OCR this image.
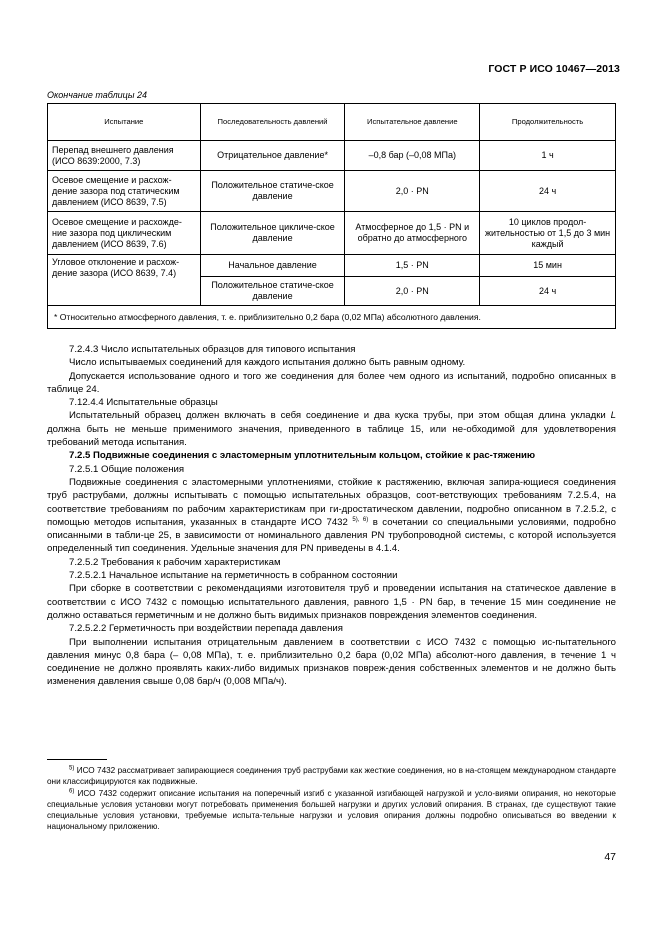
ГОСТ Р ИСО 10467—2013
Окончание таблицы 24
Испытание	Последовательность давлений	Испытательное давление	Продолжительность
Перепад внешнего давления (ИСО 8639:2000, 7.3)	Отрицательное давление*	–0,8 бар (–0,08 МПа)	1 ч
Осевое смещение и расхож-дение зазора под статическим давлением (ИСО 8639, 7.5)	Положительное статиче-ское давление	2,0 · PN	24 ч
Осевое смещение и расхожде-ние зазора под циклическим давлением (ИСО 8639, 7.6)	Положительное цикличе-ское давление	Атмосферное до 1,5 · PN и обратно до атмосферного	10 циклов продол-жительностью от 1,5 до 3 мин каждый
Угловое отклонение и расхож-дение зазора (ИСО 8639, 7.4)	Начальное давление	1,5 · PN	15 мин
	Положительное статиче-ское давление	2,0 · PN	24 ч
* Относительно атмосферного давления, т. е. приблизительно 0,2 бара (0,02 МПа) абсолютного давления.			

7.2.4.3 Число испытательных образцов для типового испытания

Число испытываемых соединений для каждого испытания должно быть равным одному.

Допускается использование одного и того же соединения для более чем одного из испытаний, подробно описанных в таблице 24.

7.12.4.4 Испытательные образцы

Испытательный образец должен включать в себя соединение и два куска трубы, при этом общая длина укладки L должна быть не меньше применимого значения, приведенного в таблице 15, или не-обходимой для удовлетворения требований метода испытания.

7.2.5 Подвижные соединения с эластомерным уплотнительным кольцом, стойкие к рас-тяжению

7.2.5.1 Общие положения

Подвижные соединения с эластомерными уплотнениями, стойкие к растяжению, включая запира-ющиеся соединения труб раструбами, должны испытывать с помощью испытательных образцов, соот-ветствующих требованиям 7.2.5.4, на соответствие требованиям по рабочим характеристикам при ги-дростатическом давлении, подробно описанном в 7.2.5.2, с помощью методов испытания, указанных в стандарте ИСО 7432 $^{5), 6)}$ в сочетании со специальными условиями, подробно описанными в табли-це 25, в зависимости от номинального давления PN трубопроводной системы, с которой используется определенный тип соединения. Удельные значения для PN приведены в 4.1.4.

7.2.5.2 Требования к рабочим характеристикам

7.2.5.2.1 Начальное испытание на герметичность в собранном состоянии

При сборке в соответствии с рекомендациями изготовителя труб и проведении испытания на статическое давление в соответствии с ИСО 7432 с помощью испытательного давления, равного 1,5 · PN бар, в течение 15 мин соединение не должно оставаться герметичным и не должно быть видимых признаков повреждения элементов соединения.

7.2.5.2.2 Герметичность при воздействии перепада давления

При выполнении испытания отрицательным давлением в соответствии с ИСО 7432 с помощью ис-пытательного давления минус 0,8 бара (– 0,08 МПа), т. е. приблизительно 0,2 бара (0,02 МПа) абсолют-ного давления, в течение 1 ч соединение не должно проявлять каких-либо видимых признаков повреж-дения собственных элементов и не должно быть изменения давления свыше 0,08 бар/ч (0,008 МПа/ч).

$^{5)}$ ИСО 7432 рассматривает запирающиеся соединения труб раструбами как жесткие соединения, но в на-стоящем международном стандарте они классифицируются как подвижные.

$^{6)}$ ИСО 7432 содержит описание испытания на поперечный изгиб с указанной изгибающей нагрузкой и усло-виями опирания, но некоторые специальные условия установки могут потребовать применения большей нагрузки и других условий опирания. В странах, где существуют такие специальные условия установки, требуемые испыта-тельные нагрузки и условия опирания должны подробно описываться во введении к национальному приложению.

47
